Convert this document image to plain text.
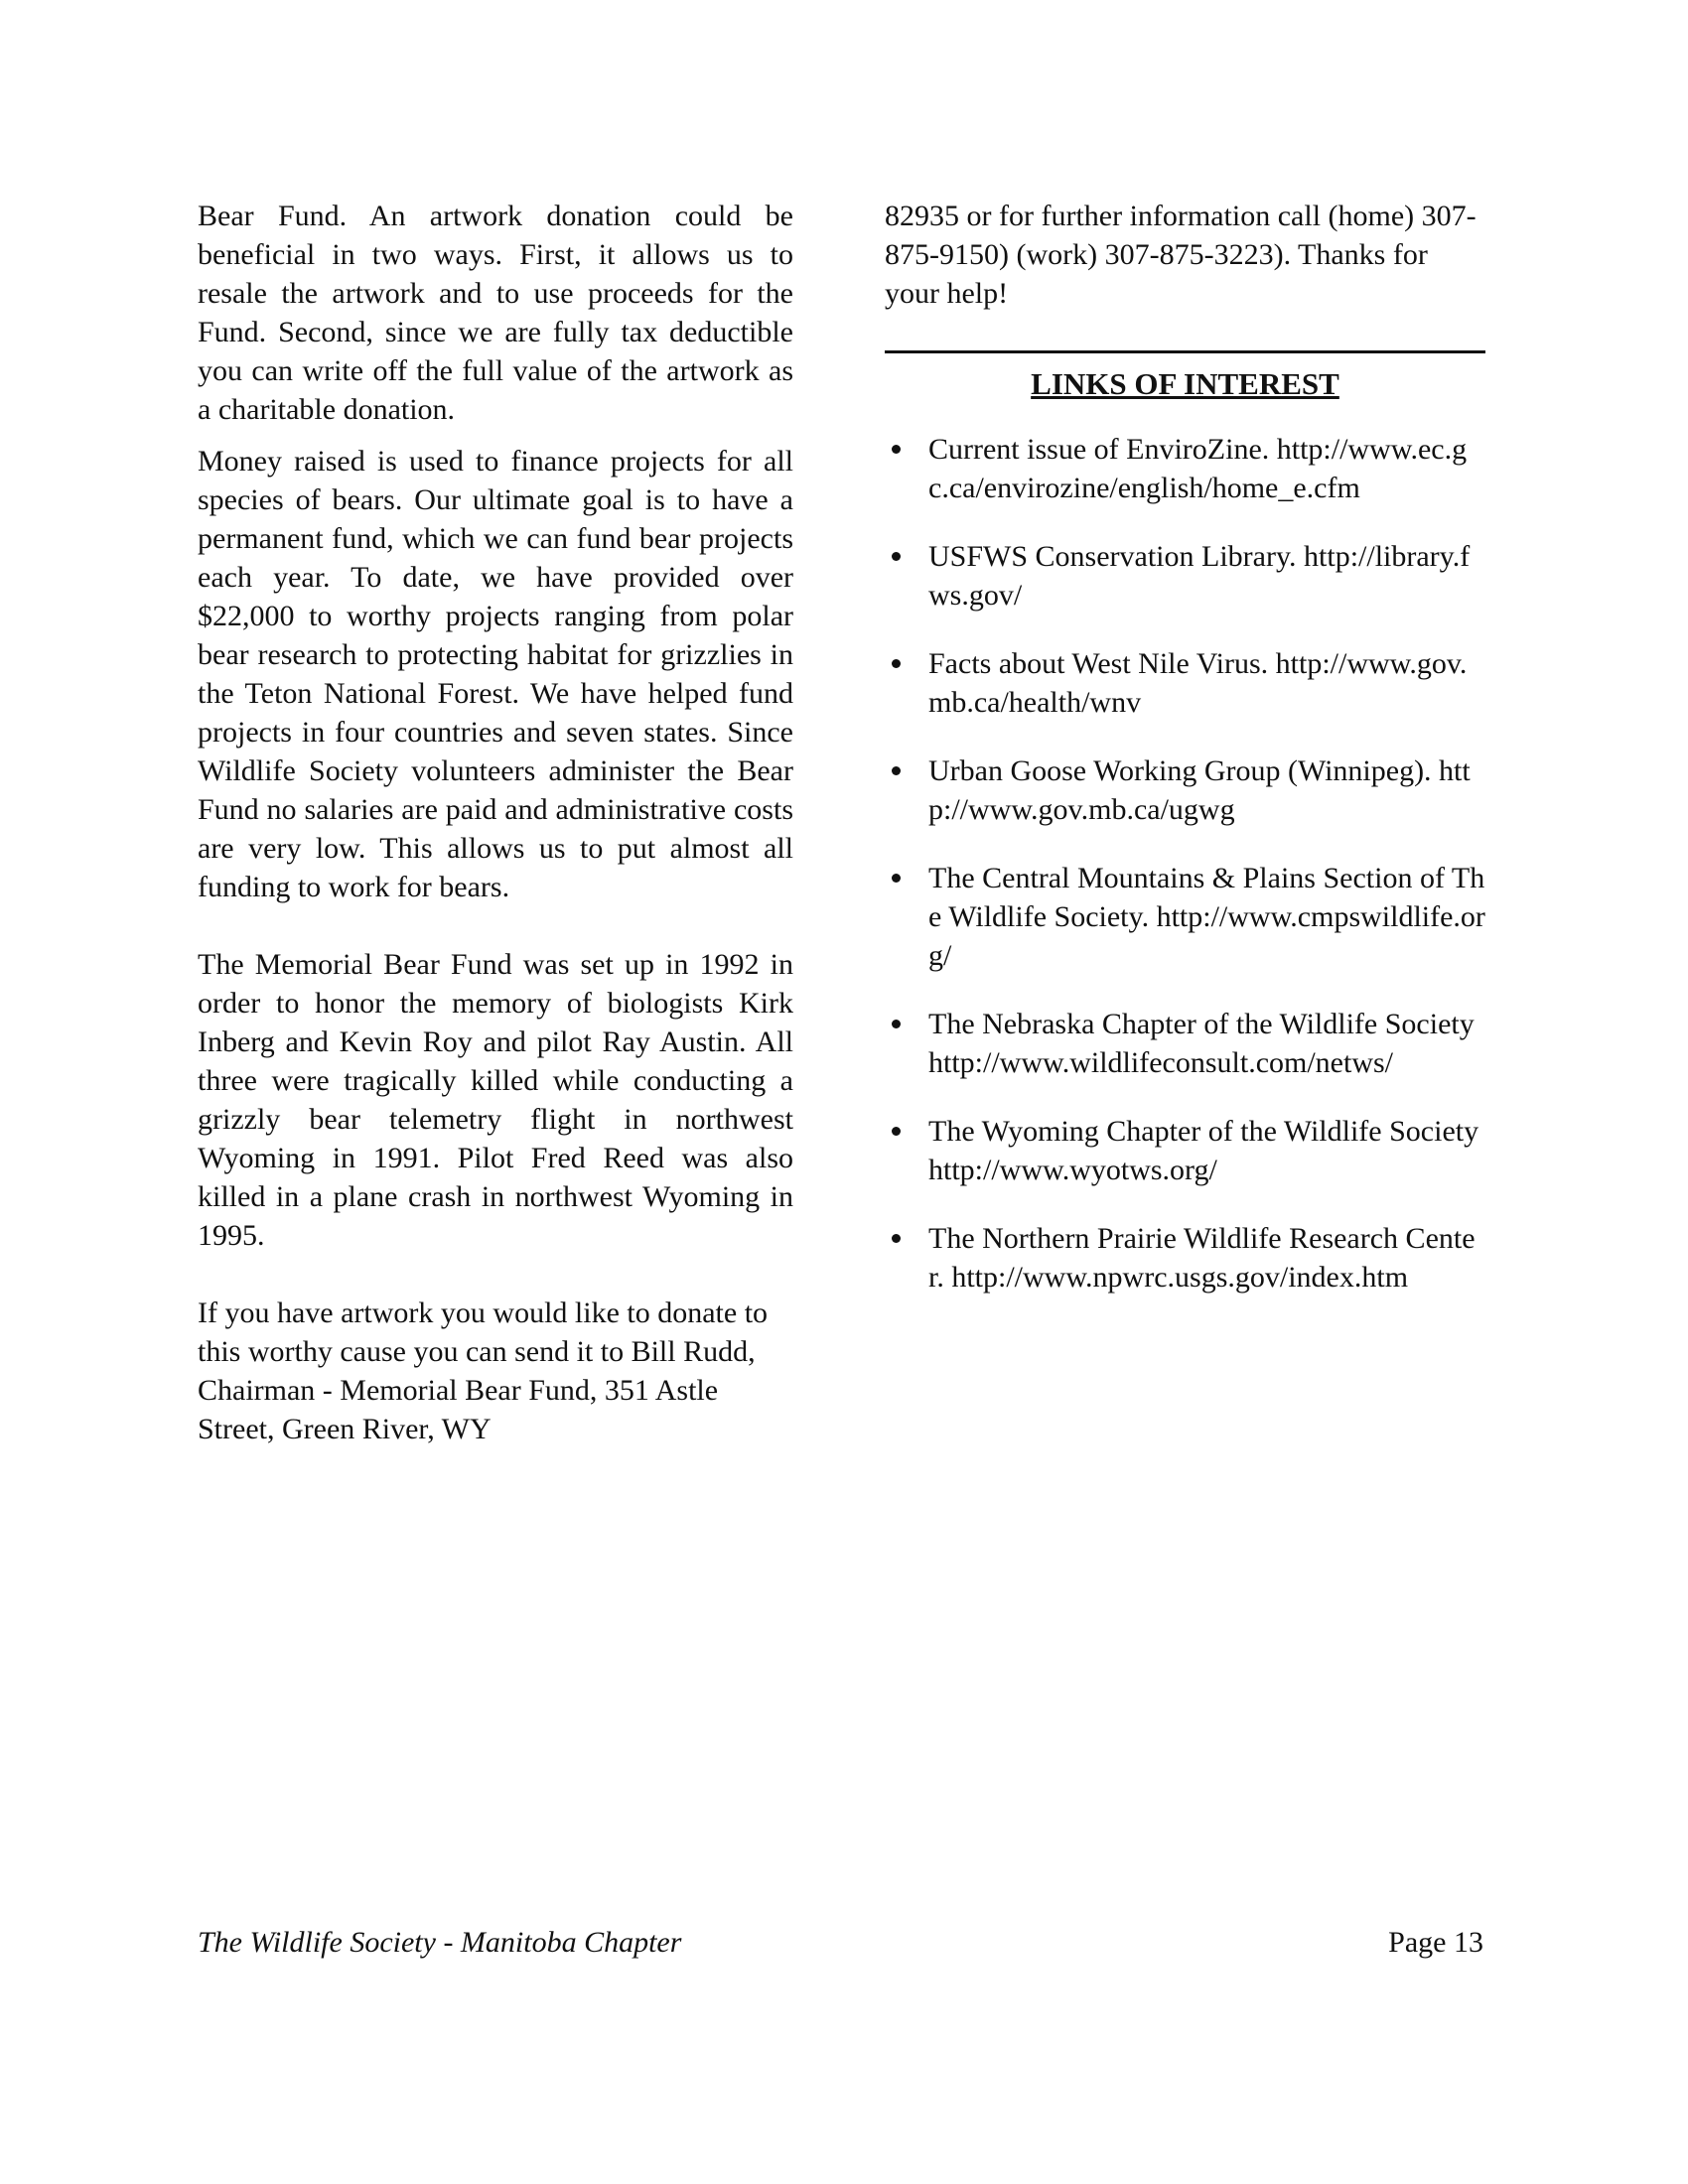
Bear Fund. An artwork donation could be beneficial in two ways. First, it allows us to resale the artwork and to use proceeds for the Fund. Second, since we are fully tax deductible you can write off the full value of the artwork as a charitable donation.

Money raised is used to finance projects for all species of bears. Our ultimate goal is to have a permanent fund, which we can fund bear projects each year. To date, we have provided over $22,000 to worthy projects ranging from polar bear research to protecting habitat for grizzlies in the Teton National Forest. We have helped fund projects in four countries and seven states. Since Wildlife Society volunteers administer the Bear Fund no salaries are paid and administrative costs are very low. This allows us to put almost all funding to work for bears.

The Memorial Bear Fund was set up in 1992 in order to honor the memory of biologists Kirk Inberg and Kevin Roy and pilot Ray Austin. All three were tragically killed while conducting a grizzly bear telemetry flight in northwest Wyoming in 1991. Pilot Fred Reed was also killed in a plane crash in northwest Wyoming in 1995.

If you have artwork you would like to donate to this worthy cause you can send it to Bill Rudd, Chairman - Memorial Bear Fund, 351 Astle Street, Green River, WY

82935 or for further information call (home) 307-875-9150) (work) 307-875-3223). Thanks for your help!

LINKS OF INTEREST
Current issue of EnviroZine. http://www.ec.gc.ca/envirozine/english/home_e.cfm
USFWS Conservation Library. http://library.fws.gov/
Facts about West Nile Virus. http://www.gov.mb.ca/health/wnv
Urban Goose Working Group (Winnipeg). http://www.gov.mb.ca/ugwg
The Central Mountains & Plains Section of The Wildlife Society. http://www.cmpswildlife.org/
The Nebraska Chapter of the Wildlife Society http://www.wildlifeconsult.com/netws/
The Wyoming Chapter of the Wildlife Society http://www.wyotws.org/
The Northern Prairie Wildlife Research Center. http://www.npwrc.usgs.gov/index.htm
The Wildlife Society - Manitoba Chapter	Page 13
